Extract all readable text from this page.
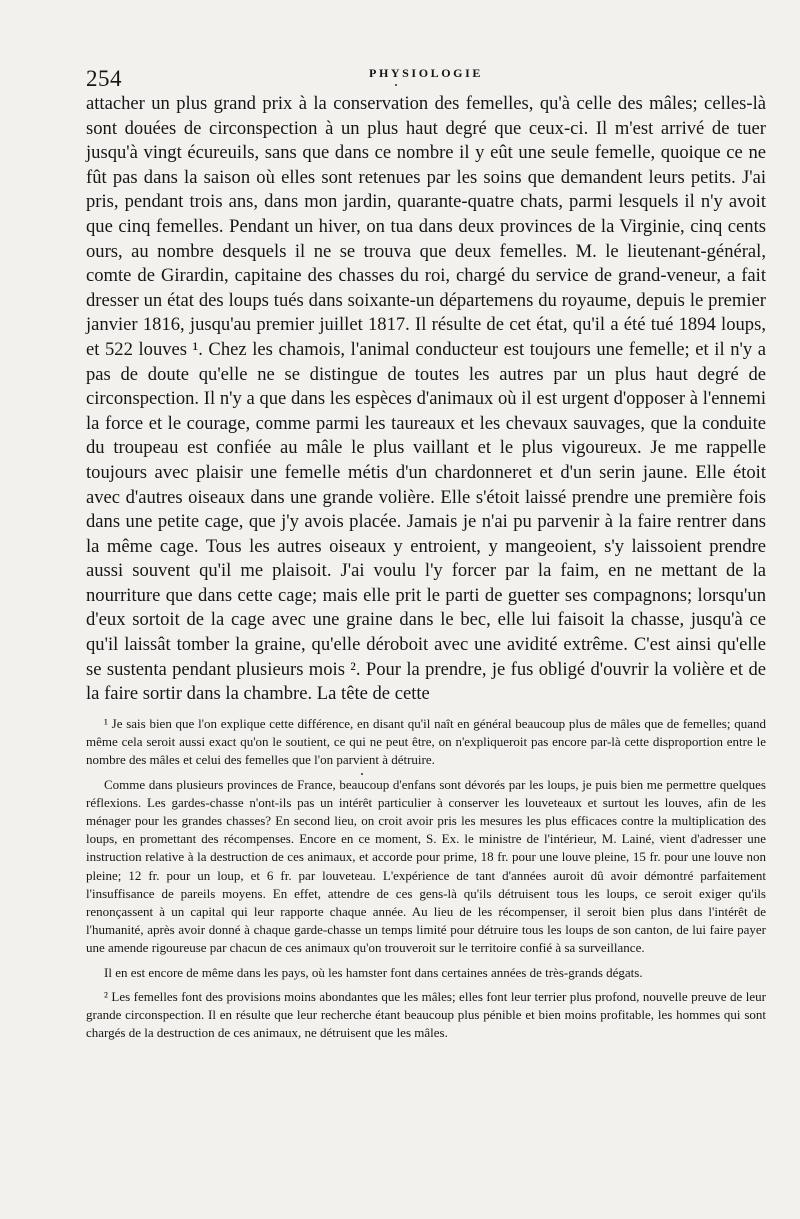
254	PHYSIOLOGIE

attacher un plus grand prix à la conservation des femelles, qu'à celle des mâles; celles-là sont douées de circonspection à un plus haut degré que ceux-ci. Il m'est arrivé de tuer jusqu'à vingt écureuils, sans que dans ce nombre il y eût une seule femelle, quoique ce ne fût pas dans la saison où elles sont retenues par les soins que demandent leurs petits. J'ai pris, pendant trois ans, dans mon jardin, quarante-quatre chats, parmi lesquels il n'y avoit que cinq femelles. Pendant un hiver, on tua dans deux provinces de la Virginie, cinq cents ours, au nombre desquels il ne se trouva que deux femelles. M. le lieutenant-général, comte de Girardin, capitaine des chasses du roi, chargé du service de grand-veneur, a fait dresser un état des loups tués dans soixante-un départemens du royaume, depuis le premier janvier 1816, jusqu'au premier juillet 1817. Il résulte de cet état, qu'il a été tué 1894 loups, et 522 louves ¹. Chez les chamois, l'animal conducteur est toujours une femelle; et il n'y a pas de doute qu'elle ne se distingue de toutes les autres par un plus haut degré de circonspection. Il n'y a que dans les espèces d'animaux où il est urgent d'opposer à l'ennemi la force et le courage, comme parmi les taureaux et les chevaux sauvages, que la conduite du troupeau est confiée au mâle le plus vaillant et le plus vigoureux. Je me rappelle toujours avec plaisir une femelle métis d'un chardonneret et d'un serin jaune. Elle étoit avec d'autres oiseaux dans une grande volière. Elle s'étoit laissé prendre une première fois dans une petite cage, que j'y avois placée. Jamais je n'ai pu parvenir à la faire rentrer dans la même cage. Tous les autres oiseaux y entroient, y mangeoient, s'y laissoient prendre aussi souvent qu'il me plaisoit. J'ai voulu l'y forcer par la faim, en ne mettant de la nourriture que dans cette cage; mais elle prit le parti de guetter ses compagnons; lorsqu'un d'eux sortoit de la cage avec une graine dans le bec, elle lui faisoit la chasse, jusqu'à ce qu'il laissât tomber la graine, qu'elle déroboit avec une avidité extrême. C'est ainsi qu'elle se sustenta pendant plusieurs mois ². Pour la prendre, je fus obligé d'ouvrir la volière et de la faire sortir dans la chambre. La tête de cette

¹ Je sais bien que l'on explique cette différence, en disant qu'il naît en général beaucoup plus de mâles que de femelles; quand même cela seroit aussi exact qu'on le soutient, ce qui ne peut être, on n'expliqueroit pas encore par-là cette disproportion entre le nombre des mâles et celui des femelles que l'on parvient à détruire.

Comme dans plusieurs provinces de France, beaucoup d'enfans sont dévorés par les loups, je puis bien me permettre quelques réflexions. Les gardes-chasse n'ont-ils pas un intérêt particulier à conserver les louveteaux et surtout les louves, afin de les ménager pour les grandes chasses? En second lieu, on croit avoir pris les mesures les plus efficaces contre la multiplication des loups, en promettant des récompenses. Encore en ce moment, S. Ex. le ministre de l'intérieur, M. Lainé, vient d'adresser une instruction relative à la destruction de ces animaux, et accorde pour prime, 18 fr. pour une louve pleine, 15 fr. pour une louve non pleine; 12 fr. pour un loup, et 6 fr. par louveteau. L'expérience de tant d'années auroit dû avoir démontré parfaitement l'insuffisance de pareils moyens. En effet, attendre de ces gens-là qu'ils détruisent tous les loups, ce seroit exiger qu'ils renonçassent à un capital qui leur rapporte chaque année. Au lieu de les récompenser, il seroit bien plus dans l'intérêt de l'humanité, après avoir donné à chaque garde-chasse un temps limité pour détruire tous les loups de son canton, de lui faire payer une amende rigoureuse par chacun de ces animaux qu'on trouveroit sur le territoire confié à sa surveillance.

Il en est encore de même dans les pays, où les hamster font dans certaines années de très-grands dégats.

² Les femelles font des provisions moins abondantes que les mâles; elles font leur terrier plus profond, nouvelle preuve de leur grande circonspection. Il en résulte que leur recherche étant beaucoup plus pénible et bien moins profitable, les hommes qui sont chargés de la destruction de ces animaux, ne détruisent que les mâles.
